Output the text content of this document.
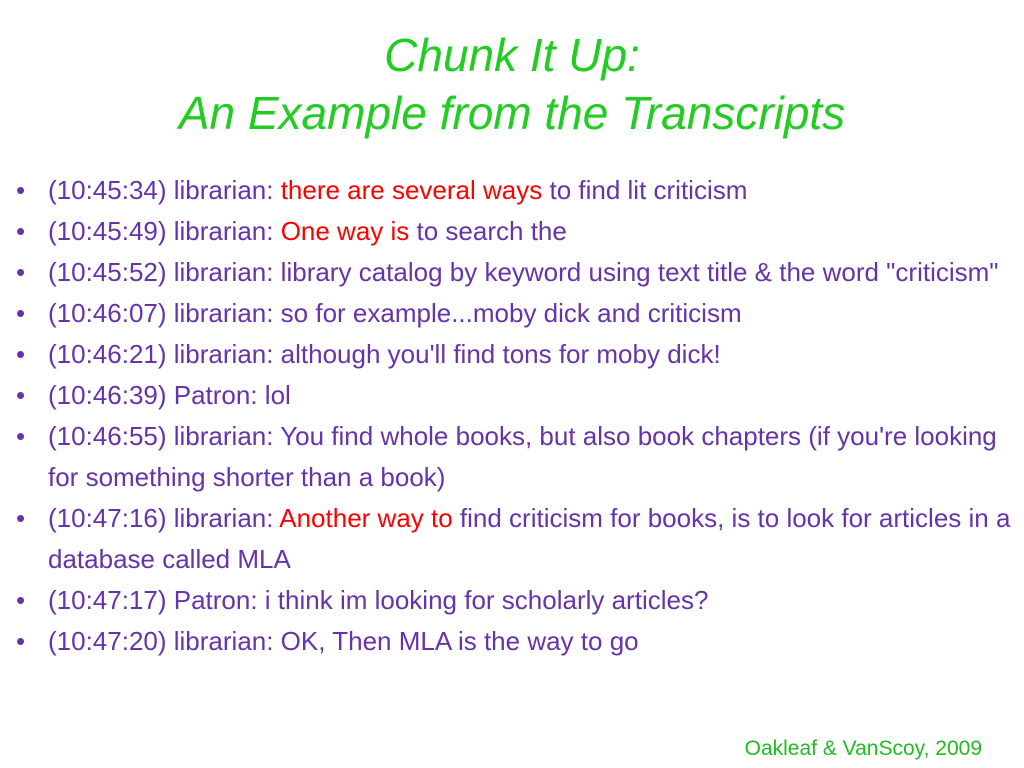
Chunk It Up:
An Example from the Transcripts
• (10:45:34) librarian: there are several ways to find lit criticism
• (10:45:49) librarian: One way is to search the
• (10:45:52) librarian: library catalog by keyword using text title & the word "criticism"
• (10:46:07) librarian: so for example...moby dick and criticism
• (10:46:21) librarian: although you'll find tons for moby dick!
• (10:46:39) Patron: lol
• (10:46:55) librarian: You find whole books, but also book chapters (if you're looking for something shorter than a book)
• (10:47:16) librarian: Another way to find criticism for books, is to look for articles in a database called MLA
• (10:47:17) Patron: i think im looking for scholarly articles?
• (10:47:20) librarian: OK, Then MLA is the way to go
Oakleaf & VanScoy, 2009
